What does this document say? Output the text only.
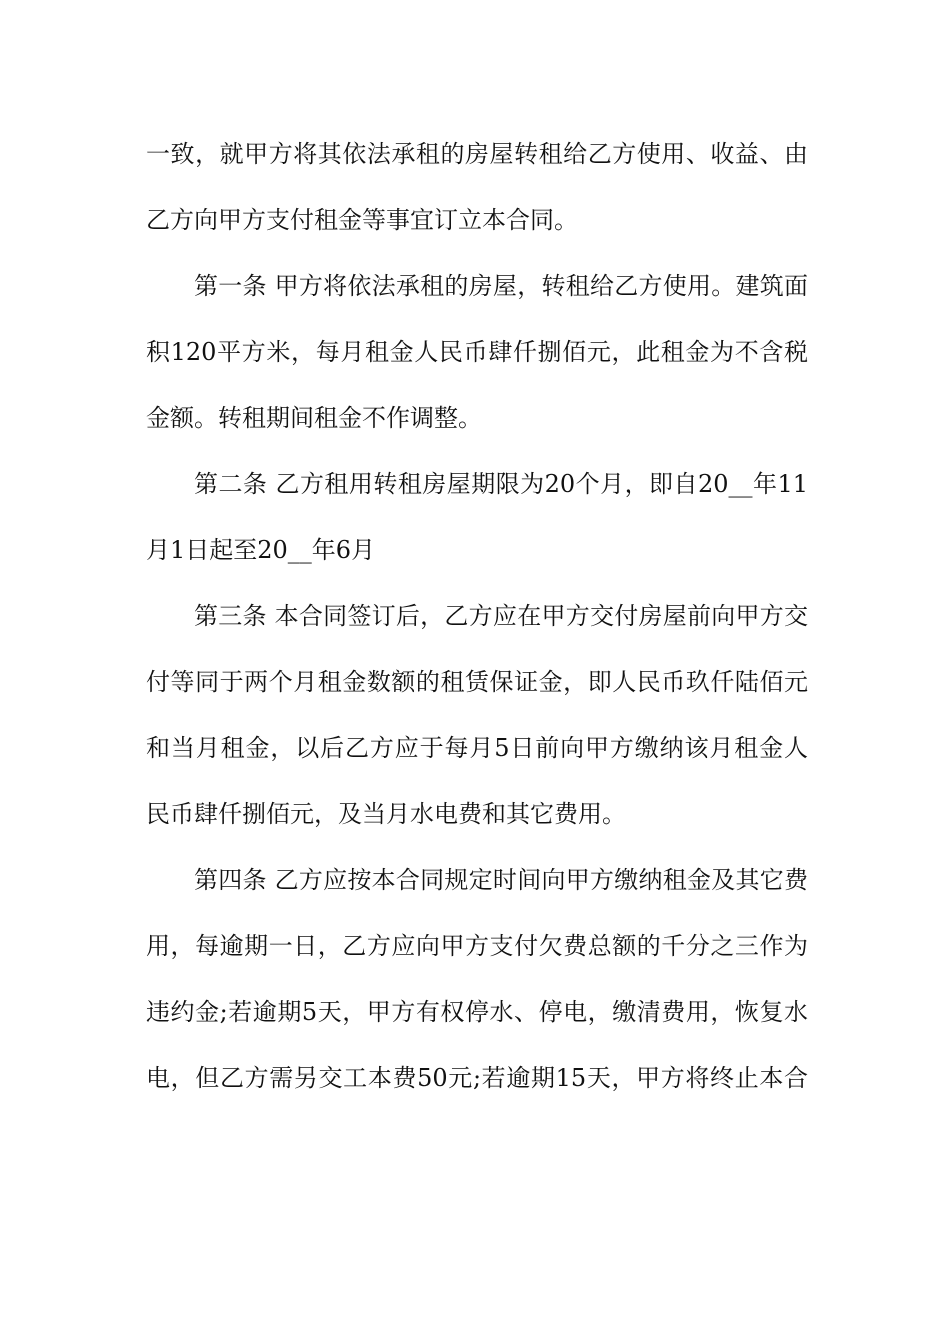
一致，就甲方将其依法承租的房屋转租给乙方使用、收益、由
乙方向甲方支付租金等事宜订立本合同。
第一条 甲方将依法承租的房屋，转租给乙方使用。建筑面
积120平方米，每月租金人民币肆仟捌佰元，此租金为不含税
金额。转租期间租金不作调整。
第二条 乙方租用转租房屋期限为20个月，即自20__年11
月1日起至20__年6月
第三条 本合同签订后，乙方应在甲方交付房屋前向甲方交
付等同于两个月租金数额的租赁保证金，即人民币玖仟陆佰元
和当月租金，以后乙方应于每月5日前向甲方缴纳该月租金人
民币肆仟捌佰元，及当月水电费和其它费用。
第四条 乙方应按本合同规定时间向甲方缴纳租金及其它费
用，每逾期一日，乙方应向甲方支付欠费总额的千分之三作为
违约金;若逾期5天，甲方有权停水、停电，缴清费用，恢复水
电，但乙方需另交工本费50元;若逾期15天，甲方将终止本合
